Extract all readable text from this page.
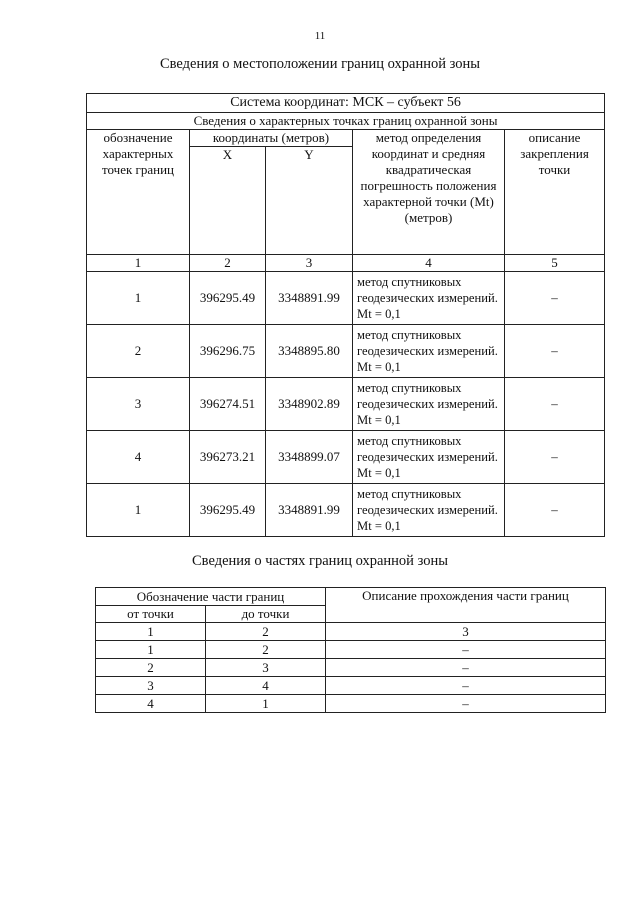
11
Сведения о местоположении границ охранной зоны
Система координат: МСК – субъект 56				
Сведения о характерных точках границ охранной зоны				
обозначение характерных точек границ	координаты (метров)		метод определения координат и средняя квадратическая погрешность положения характерной точки (Mt) (метров)	описание закрепления точки
	X	Y		
1	2	3	4	5
1	396295.49	3348891.99	метод спутниковых геодезических измерений. Mt = 0,1	–
2	396296.75	3348895.80	метод спутниковых геодезических измерений. Mt = 0,1	–
3	396274.51	3348902.89	метод спутниковых геодезических измерений. Mt = 0,1	–
4	396273.21	3348899.07	метод спутниковых геодезических измерений. Mt = 0,1	–
1	396295.49	3348891.99	метод спутниковых геодезических измерений. Mt = 0,1	–
Сведения о частях границ охранной зоны
Обозначение части границ		Описание прохождения части границ
от точки	до точки	
1	2	3
1	2	–
2	3	–
3	4	–
4	1	–
